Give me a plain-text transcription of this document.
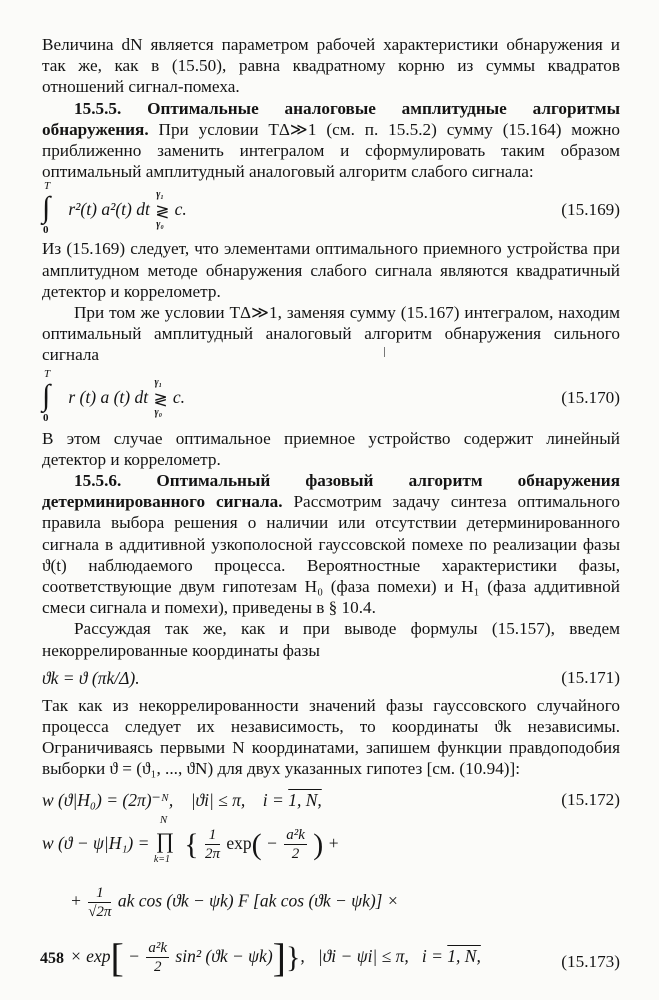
Величина dN является параметром рабочей характеристики обнаружения и так же, как в (15.50), равна квадратному корню из суммы квадратов отношений сигнал-помеха.

15.5.5. Оптимальные аналоговые амплитудные алгоритмы обнаружения. При условии TΔ≫1 (см. п. 15.5.2) сумму (15.164) можно приближенно заменить интегралом и сформулировать таким образом оптимальный амплитудный аналоговый алгоритм слабого сигнала:

T
∫
0
r²(t) a²(t) dt
γ₁
≷
γ₀
c.	(15.169)

Из (15.169) следует, что элементами оптимального приемного устройства при амплитудном методе обнаружения слабого сигнала являются квадратичный детектор и коррелометр.

При том же условии TΔ≫1, заменяя сумму (15.167) интегралом, находим оптимальный амплитудный аналоговый алгоритм обнаружения сильного сигнала

T
∫
0
r (t) a (t) dt
γ₁
≷
γ₀
c.	(15.170)

В этом случае оптимальное приемное устройство содержит линейный детектор и коррелометр.

15.5.6. Оптимальный фазовый алгоритм обнаружения детерминированного сигнала. Рассмотрим задачу синтеза оптимального правила выбора решения о наличии или отсутствии детерминированного сигнала в аддитивной узкополосной гауссовской помехе по реализации фазы ϑ(t) наблюдаемого процесса. Вероятностные характеристики фазы, соответствующие двум гипотезам H₀ (фаза помехи) и H₁ (фаза аддитивной смеси сигнала и помехи), приведены в § 10.4.

Рассуждая так же, как и при выводе формулы (15.157), введем некоррелированные координаты фазы

ϑk = ϑ (πk/Δ).	(15.171)

Так как из некоррелированности значений фазы гауссовского случайного процесса следует их независимость, то координаты ϑk независимы. Ограничиваясь первыми N координатами, запишем функции правдоподобия выборки ϑ = (ϑ₁, ..., ϑN) для двух указанных гипотез [см. (10.94)]:

w (ϑ|H₀) = (2π)⁻ᴺ, |ϑi| ≤ π, i = 1, N,	(15.172)
w (ϑ − ψ|H₁) =
N
∏
k=1 { $\frac{1}{2\pi} \exp( - \frac{\text{a²k}}{2}$ ) +
+ $\frac{1}{√2\pi}$ ak cos (ϑk − ψk) F [ak cos (ϑk − ψk)] ×
× $\exp[ - \frac{\text{a²k}}{2} \sin^2$ (ϑk − ψk)]},   |ϑi − ψi| ≤ π, i = 1, N,	(15.173)
458
